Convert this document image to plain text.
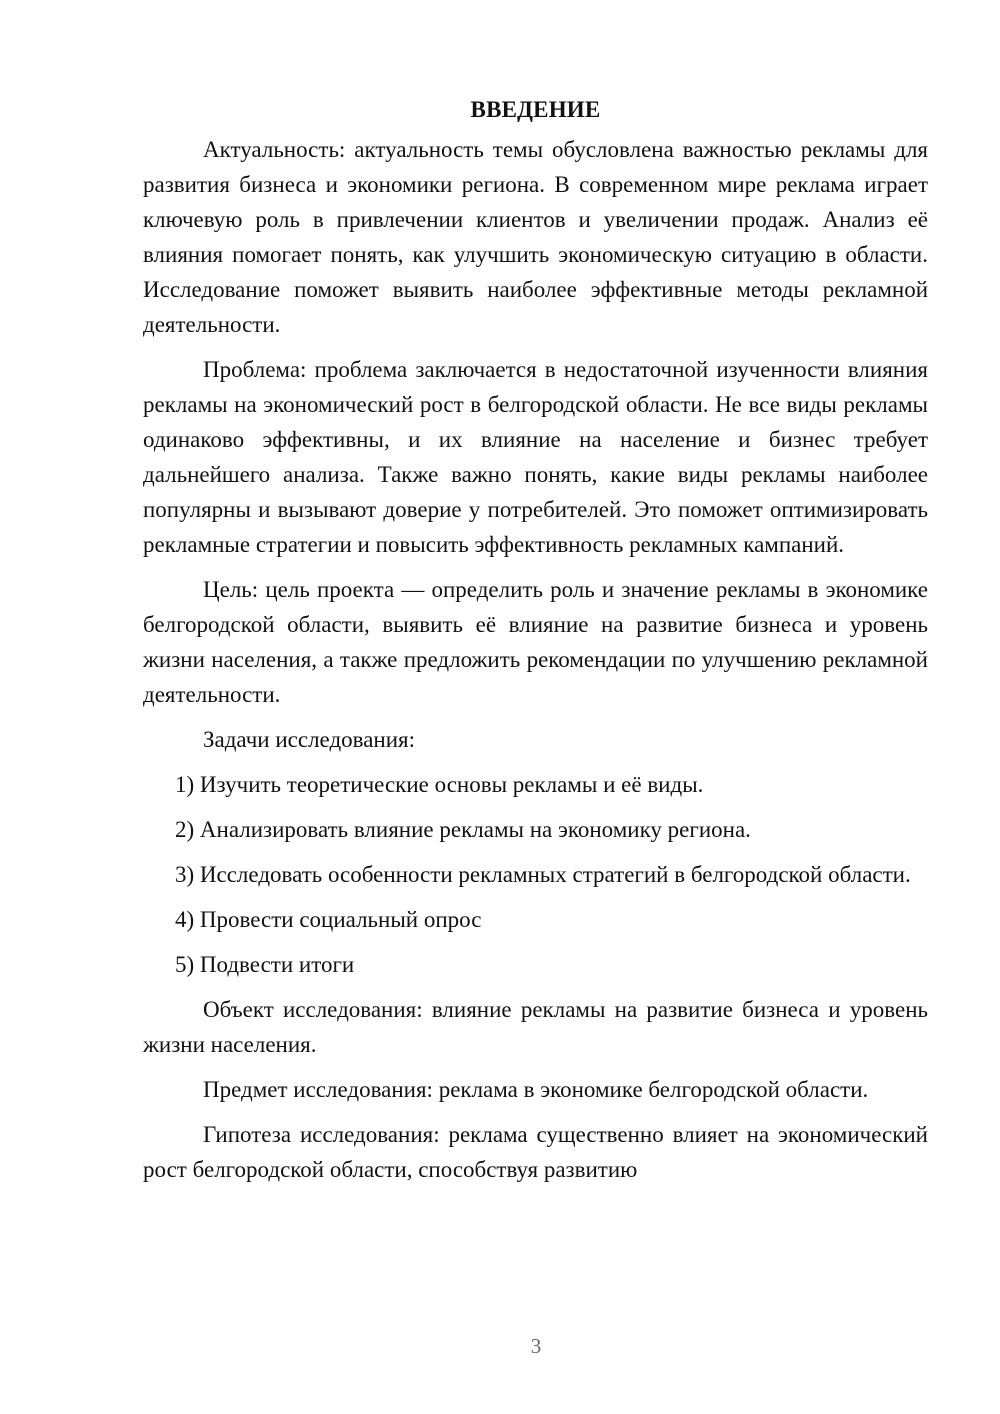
ВВЕДЕНИЕ

Актуальность: актуальность темы обусловлена важностью рекламы для развития бизнеса и экономики региона. В современном мире реклама играет ключевую роль в привлечении клиентов и увеличении продаж. Анализ её влияния помогает понять, как улучшить экономическую ситуацию в области. Исследование поможет выявить наиболее эффективные методы рекламной деятельности.

Проблема: проблема заключается в недостаточной изученности влияния рекламы на экономический рост в белгородской области. Не все виды рекламы одинаково эффективны, и их влияние на население и бизнес требует дальнейшего анализа. Также важно понять, какие виды рекламы наиболее популярны и вызывают доверие у потребителей. Это поможет оптимизировать рекламные стратегии и повысить эффективность рекламных кампаний.

Цель: цель проекта — определить роль и значение рекламы в экономике белгородской области, выявить её влияние на развитие бизнеса и уровень жизни населения, а также предложить рекомендации по улучшению рекламной деятельности.

Задачи исследования:

1) Изучить теоретические основы рекламы и её виды.

2) Анализировать влияние рекламы на экономику региона.

3) Исследовать особенности рекламных стратегий в белгородской области.

4) Провести социальный опрос

5) Подвести итоги

Объект исследования: влияние рекламы на развитие бизнеса и уровень жизни населения.

Предмет исследования: реклама в экономике белгородской области.

Гипотеза исследования: реклама существенно влияет на экономический рост белгородской области, способствуя развитию

3
